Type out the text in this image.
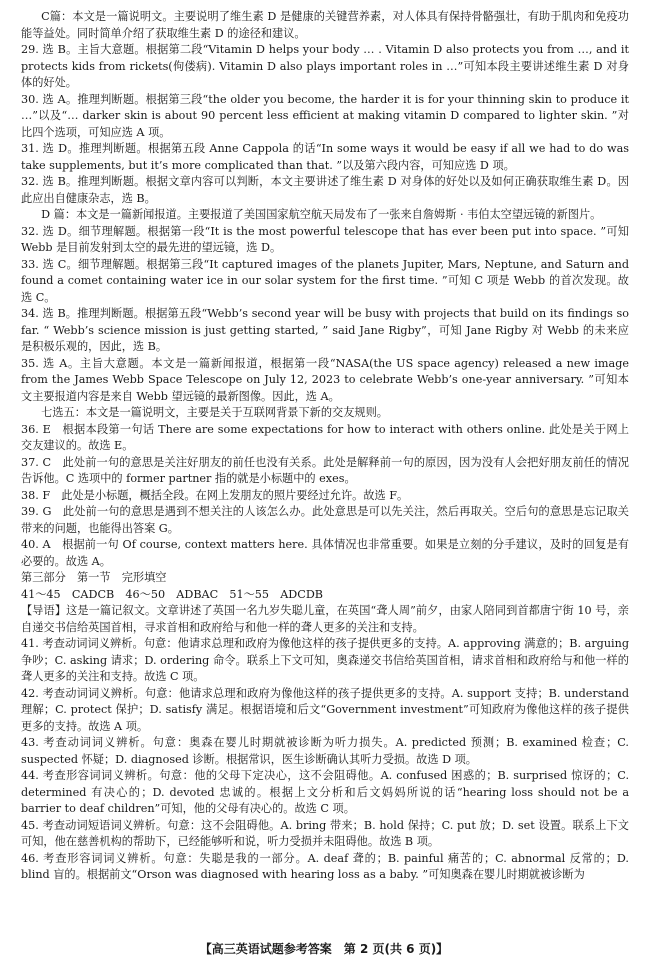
C篇：本文是一篇说明文。主要说明了维生素 D 是健康的关键营养素，对人体具有保持骨骼强壮，有助于肌肉和免疫功能等益处。同时简单介绍了获取维生素 D 的途径和建议。

29. 选 B。主旨大意题。根据第二段“Vitamin D helps your body … . Vitamin D also protects you from …, and it protects kids from rickets(佝偻病). Vitamin D also plays important roles in …”可知本段主要讲述维生素 D 对身体的好处。

30. 选 A。推理判断题。根据第三段“the older you become, the harder it is for your thinning skin to produce it …”以及“… darker skin is about 90 percent less efficient at making vitamin D compared to lighter skin. ”对比四个选项，可知应选 A 项。

31. 选 D。推理判断题。根据第五段 Anne Cappola 的话“In some ways it would be easy if all we had to do was take supplements, but it’s more complicated than that. ”以及第六段内容，可知应选 D 项。

32. 选 B。推理判断题。根据文章内容可以判断，本文主要讲述了维生素 D 对身体的好处以及如何正确获取维生素 D。因此应出自健康杂志，选 B。

D 篇：本文是一篇新闻报道。主要报道了美国国家航空航天局发布了一张来自詹姆斯 · 韦伯太空望远镜的新图片。

32. 选 D。细节理解题。根据第一段“It is the most powerful telescope that has ever been put into space. ”可知 Webb 是目前发射到太空的最先进的望远镜，选 D。

33. 选 C。细节理解题。根据第三段“It captured images of the planets Jupiter, Mars, Neptune, and Saturn and found a comet containing water ice in our solar system for the first time. ”可知 C 项是 Webb 的首次发现。故选 C。

34. 选 B。推理判断题。根据第五段“Webb’s second year will be busy with projects that build on its findings so far. “ Webb’s science mission is just getting started, ” said Jane Rigby”，可知 Jane Rigby 对 Webb 的未来应是积极乐观的，因此，选 B。

35. 选 A。主旨大意题。本文是一篇新闻报道，根据第一段“NASA(the US space agency) released a new image from the James Webb Space Telescope on July 12, 2023 to celebrate Webb’s one-year anniversary. ”可知本文主要报道内容是来自 Webb 望远镜的最新图像。因此，选 A。

七选五：本文是一篇说明文，主要是关于互联网背景下新的交友规则。

36. E　根据本段第一句话 There are some expectations for how to interact with others online. 此处是关于网上交友建议的。故选 E。

37. C　此处前一句的意思是关注好朋友的前任也没有关系。此处是解释前一句的原因，因为没有人会把好朋友前任的情况告诉他。C 选项中的 former partner 指的就是小标题中的 exes。

38. F　此处是小标题，概括全段。在网上发朋友的照片要经过允许。故选 F。

39. G　此处前一句的意思是遇到不想关注的人该怎么办。此处意思是可以先关注，然后再取关。空后句的意思是忘记取关带来的问题，也能得出答案 G。

40. A　根据前一句 Of course, context matters here. 具体情况也非常重要。如果是立刻的分手建议，及时的回复是有必要的。故选 A。

第三部分　第一节　完形填空

41～45　CADCB　46～50　ADBAC　51～55　ADCDB

【导语】这是一篇记叙文。文章讲述了英国一名九岁失聪儿童，在英国“聋人周”前夕，由家人陪同到首都唐宁街 10 号，亲自递交书信给英国首相，寻求首相和政府给与和他一样的聋人更多的关注和支持。

41. 考查动词词义辨析。句意：他请求总理和政府为像他这样的孩子提供更多的支持。A. approving 满意的；B. arguing 争吵；C. asking 请求；D. ordering 命令。联系上下文可知，奥森递交书信给英国首相，请求首相和政府给与和他一样的聋人更多的关注和支持。故选 C 项。

42. 考查动词词义辨析。句意：他请求总理和政府为像他这样的孩子提供更多的支持。A. support 支持；B. understand 理解；C. protect 保护；D. satisfy 满足。根据语境和后文“Government investment”可知政府为像他这样的孩子提供更多的支持。故选 A 项。

43. 考查动词词义辨析。句意：奥森在婴儿时期就被诊断为听力损失。A. predicted 预测；B. examined 检查；C. suspected 怀疑；D. diagnosed 诊断。根据常识，医生诊断确认其听力受损。故选 D 项。

44. 考查形容词词义辨析。句意：他的父母下定决心，这不会阻碍他。A. confused 困惑的；B. surprised 惊讶的；C. determined 有决心的；D. devoted 忠诚的。根据上文分析和后文妈妈所说的话“hearing loss should not be a barrier to deaf children”可知，他的父母有决心的。故选 C 项。

45. 考查动词短语词义辨析。句意：这不会阻碍他。A. bring 带来；B. hold 保持；C. put 放；D. set 设置。联系上下文可知，他在慈善机构的帮助下，已经能够听和说，听力受损并未阻碍他。故选 B 项。

46. 考查形容词词义辨析。句意：失聪是我的一部分。A. deaf 聋的；B. painful 痛苦的；C. abnormal 反常的；D. blind 盲的。根据前文“Orson was diagnosed with hearing loss as a baby. ”可知奥森在婴儿时期就被诊断为

【高三英语试题参考答案　第 2 页(共 6 页)】
